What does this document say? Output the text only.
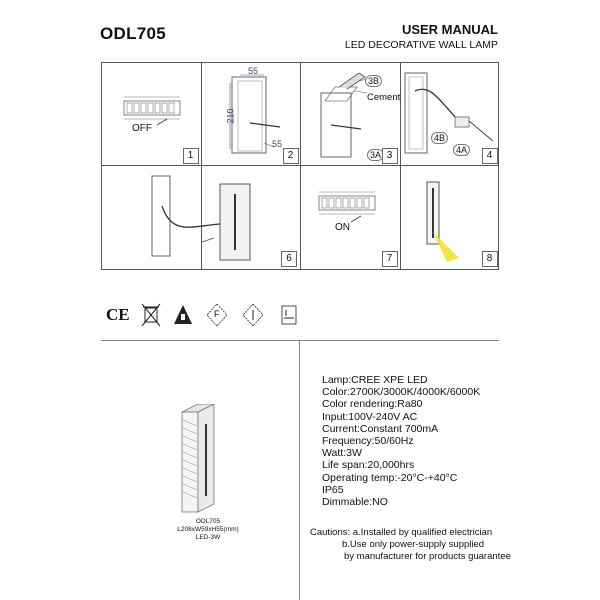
ODL705	USER MANUAL
LED DECORATIVE WALL LAMP
OFF
1
55
210
55
2
3B
Cement
3A 3
4B
4A	4
6
ON
7	8
CE	F
ODL705
L208xW59xH55(mm)
LED-3W
Lamp:CREE XPE LED
Color:2700K/3000K/4000K/6000K
Color rendering:Ra80
Input:100V-240V AC
Current:Constant 700mA
Frequency:50/60Hz
Watt:3W
Life span:20,000hrs
Operating temp:-20°C-+40°C
IP65
Dimmable:NO
Cautions: a.Installed by qualified electrician
b.Use only power-supply supplied
by manufacturer for products guarantee
